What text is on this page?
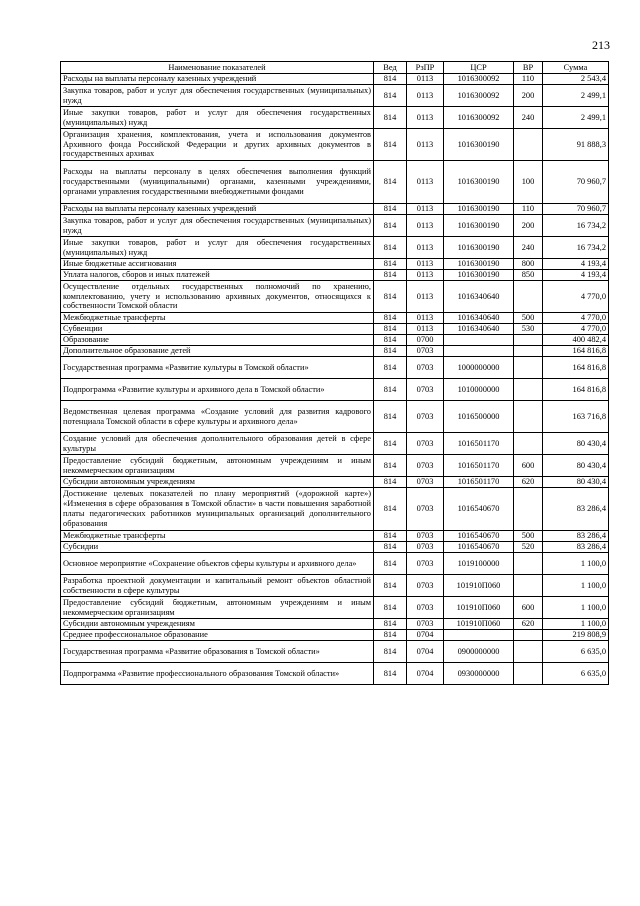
213
Наименование показателей	Вед	РзПР	ЦСР	ВР	Сумма
Расходы на выплаты персоналу казенных учреждений	814	0113	1016300092	110	2 543,4
Закупка товаров, работ и услуг для обеспечения государственных (муниципальных) нужд	814	0113	1016300092	200	2 499,1
Иные закупки товаров, работ и услуг для обеспечения государственных (муниципальных) нужд	814	0113	1016300092	240	2 499,1
Организация хранения, комплектования, учета и использования документов Архивного фонда Российской Федерации и других архивных документов в государственных архивах	814	0113	1016300190		91 888,3
Расходы на выплаты персоналу в целях обеспечения выполнения функций государственными (муниципальными) органами, казенными учреждениями, органами управления государственными внебюджетными фондами	814	0113	1016300190	100	70 960,7
Расходы на выплаты персоналу казенных учреждений	814	0113	1016300190	110	70 960,7
Закупка товаров, работ и услуг для обеспечения государственных (муниципальных) нужд	814	0113	1016300190	200	16 734,2
Иные закупки товаров, работ и услуг для обеспечения государственных (муниципальных) нужд	814	0113	1016300190	240	16 734,2
Иные бюджетные ассигнования	814	0113	1016300190	800	4 193,4
Уплата налогов, сборов и иных платежей	814	0113	1016300190	850	4 193,4
Осуществление отдельных государственных полномочий по хранению, комплектованию, учету и использованию архивных документов, относящихся к собственности Томской области	814	0113	1016340640		4 770,0
Межбюджетные трансферты	814	0113	1016340640	500	4 770,0
Субвенции	814	0113	1016340640	530	4 770,0
Образование	814	0700			400 482,4
Дополнительное образование детей	814	0703			164 816,8
Государственная программа «Развитие культуры в Томской области»	814	0703	1000000000		164 816,8
Подпрограмма «Развитие культуры и архивного дела в Томской области»	814	0703	1010000000		164 816,8
Ведомственная целевая программа «Создание условий для развития кадрового потенциала Томской области в сфере культуры и архивного дела»	814	0703	1016500000		163 716,8
Создание условий для обеспечения дополнительного образования детей в сфере культуры	814	0703	1016501170		80 430,4
Предоставление субсидий бюджетным, автономным учреждениям и иным некоммерческим организациям	814	0703	1016501170	600	80 430,4
Субсидии автономным учреждениям	814	0703	1016501170	620	80 430,4
Достижение целевых показателей по плану мероприятий («дорожной карте») «Изменения в сфере образования в Томской области» в части повышения заработной платы педагогических работников муниципальных организаций дополнительного образования	814	0703	1016540670		83 286,4
Межбюджетные трансферты	814	0703	1016540670	500	83 286,4
Субсидии	814	0703	1016540670	520	83 286,4
Основное мероприятие «Сохранение объектов сферы культуры и архивного дела»	814	0703	1019100000		1 100,0
Разработка проектной документации и капитальный ремонт объектов областной собственности в сфере культуры	814	0703	101910П060		1 100,0
Предоставление субсидий бюджетным, автономным учреждениям и иным некоммерческим организациям	814	0703	101910П060	600	1 100,0
Субсидии автономным учреждениям	814	0703	101910П060	620	1 100,0
Среднее профессиональное образование	814	0704			219 808,9
Государственная программа «Развитие образования в Томской области»	814	0704	0900000000		6 635,0
Подпрограмма «Развитие профессионального образования Томской области»	814	0704	0930000000		6 635,0
